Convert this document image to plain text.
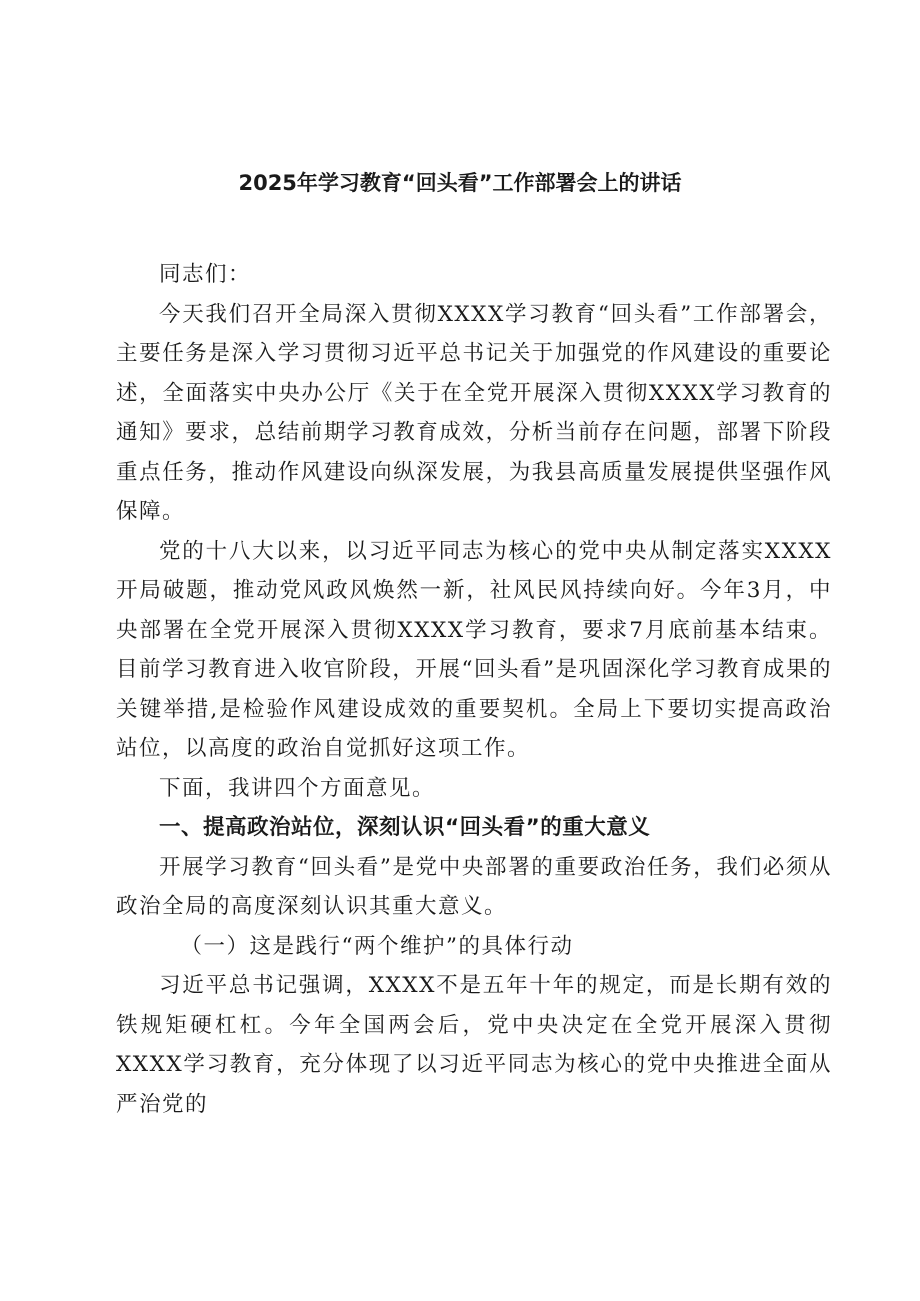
2025年学习教育“回头看”工作部署会上的讲话

同志们：

今天我们召开全局深入贯彻XXXX学习教育“回头看”工作部署会，主要任务是深入学习贯彻习近平总书记关于加强党的作风建设的重要论述，全面落实中央办公厅《关于在全党开展深入贯彻XXXX学习教育的通知》要求，总结前期学习教育成效，分析当前存在问题，部署下阶段重点任务，推动作风建设向纵深发展，为我县高质量发展提供坚强作风保障。

党的十八大以来，以习近平同志为核心的党中央从制定落实XXXX开局破题，推动党风政风焕然一新，社风民风持续向好。今年3月，中央部署在全党开展深入贯彻XXXX学习教育，要求7月底前基本结束。目前学习教育进入收官阶段，开展“回头看”是巩固深化学习教育成果的关键举措,是检验作风建设成效的重要契机。全局上下要切实提高政治站位，以高度的政治自觉抓好这项工作。

下面，我讲四个方面意见。

一、提高政治站位，深刻认识“回头看”的重大意义

开展学习教育“回头看”是党中央部署的重要政治任务，我们必须从政治全局的高度深刻认识其重大意义。

（一）这是践行“两个维护”的具体行动

习近平总书记强调，XXXX不是五年十年的规定，而是长期有效的铁规矩硬杠杠。今年全国两会后，党中央决定在全党开展深入贯彻XXXX学习教育，充分体现了以习近平同志为核心的党中央推进全面从严治党的
